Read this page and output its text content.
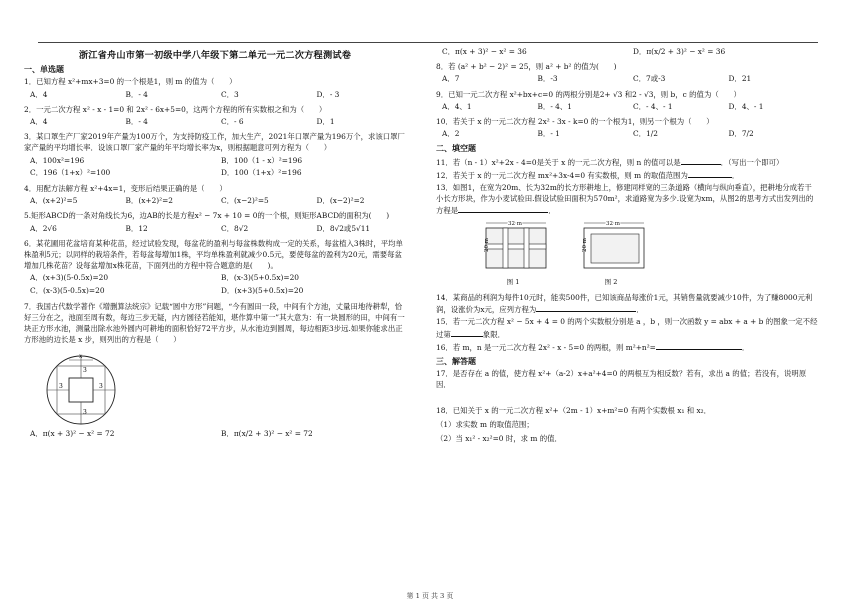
浙江省舟山市第一初级中学八年级下第二单元一元二次方程测试卷
一、单选题
1．已知方程 x²+mx+3=0 的一个根是1，则 m 的值为（　　）
A．4	B．- 4	C．3	D．- 3
2．一元二次方程 x² - x - 1=0 和 2x² - 6x+5=0，这两个方程的所有实数根之和为（　　）
A．4	B．- 4	C．- 6	D．1
3．某口罩生产厂家2019年产量为100万个，为支持防疫工作，加大生产，2021年口罩产量为196万个，求该口罩厂家产量的平均增长率．设该口罩厂家产量的年平均增长率为x，则根据题意可列方程为（　　）
A．100x²=196	B．100（1 - x）²=196
C．196（1+x）²=100	D．100（1+x）²=196
4．用配方法解方程 x²+4x=1，变形后结果正确的是（　　）
A．(x+2)²=5	B．(x+2)²=2	C．(x−2)²=5	D．(x−2)²=2
5.矩形ABCD的一条对角线长为6，边AB的长是方程x² − 7x + 10 = 0的一个根，则矩形ABCD的面积为(　　)
A．2√6	B．12	C．8√2	D．8√2或5√11
6．某花圃用花盆培育某种花苗，经过试验发现，每盆花的盈利与每盆株数构成一定的关系，每盆植入3株时，平均单株盈利5元；以同样的栽培条件，若每盆每增加1株，平均单株盈利就减少0.5元，要使每盆的盈利为20元，需要每盆增加几株花苗？设每盆增加x株花苗，下面列出的方程中符合题意的是(　　)。
A．(x+3)(5-0.5x)=20	B．(x-3)(5+0.5x)=20
C．(x-3)(5-0.5x)=20	D．(x+3)(5+0.5x)=20
7．我国古代数学著作《增删算法统宗》记载“圆中方形”问题，“今有圆田一段，中间有个方池，丈量田地待耕犁，恰好三分在之，池面至周有数，每边三步无疑，内方圆径若能知，堪作算中第一”其大意为：有一块圆形的田，中间有一块正方形水池，测量出除水池外圆内可耕地的面积恰好72平方步，从水池边到圆周，每边相距3步远.如果你能求出正方形池的边长是 x 步，则列出的方程是（　　）
x
3
3
3	3
A．π(x + 3)² − x² = 72	B．π(x/2 + 3)² − x² = 72
C．π(x + 3)² − x² = 36	D．π(x/2 + 3)² − x² = 36
8．若 (a² + b² − 2)² = 25，则 a² + b² 的值为(　　)
A．7	B．-3	C．7或-3	D．21
9．已知一元二次方程 x²+bx+c=0 的两根分别是2+ √3 和2 - √3，则 b，c 的值为（　　）
A．4、1	B．- 4、1	C．- 4、- 1	D．4、- 1
10．若关于 x 的一元二次方程 2x² - 3x - k=0 的一个根为1，则另一个根为（　　）
A．2	B．- 1	C．1/2	D．7/2
二、填空题
11．若（n - 1）x²+2x - 4=0是关于 x 的一元二次方程，则 n 的值可以是	．（写出一个即可）
12．若关于 x 的一元二次方程 mx²+3x-4=0 有实数根，则 m 的取值范围为	．
13．如图1，在宽为20m、长为32m的长方形耕地上，修建同样宽的三条道路（横向与纵向垂直），把耕地分成若干小长方形块，作为小麦试验田.假设试验田面积为570m²，求道路宽为多少.设宽为xm，从图2的思考方式出发列出的方程是	．
32 m
20 m
图 1
32 m
20 m
图 2
14．某商品的利润为每件10元时，能卖500件，已知该商品每涨价1元，其销售量就要减少10件，为了赚8000元利润，设涨价为x元，应列方程为	．
15．若一元二次方程 x² − 5x + 4 = 0 的两个实数根分别是 a ，b ，则一次函数 y = abx + a + b 的图象一定不经过第	象限．
16．若 m，n 是一元二次方程 2x² - x - 5=0 的两根，则 m²+n²=	．
三、解答题
17．是否存在 a 的值，使方程 x²+（a-2）x+a²+4=0 的两根互为相反数？若有，求出 a 的值；若没有，说明原因．
18．已知关于 x 的一元二次方程 x²+（2m - 1）x+m²=0 有两个实数根 x₁ 和 x₂．
（1）求实数 m 的取值范围；
（2）当 x₁² - x₂²=0 时，求 m 的值．
第 1 页 共 3 页
